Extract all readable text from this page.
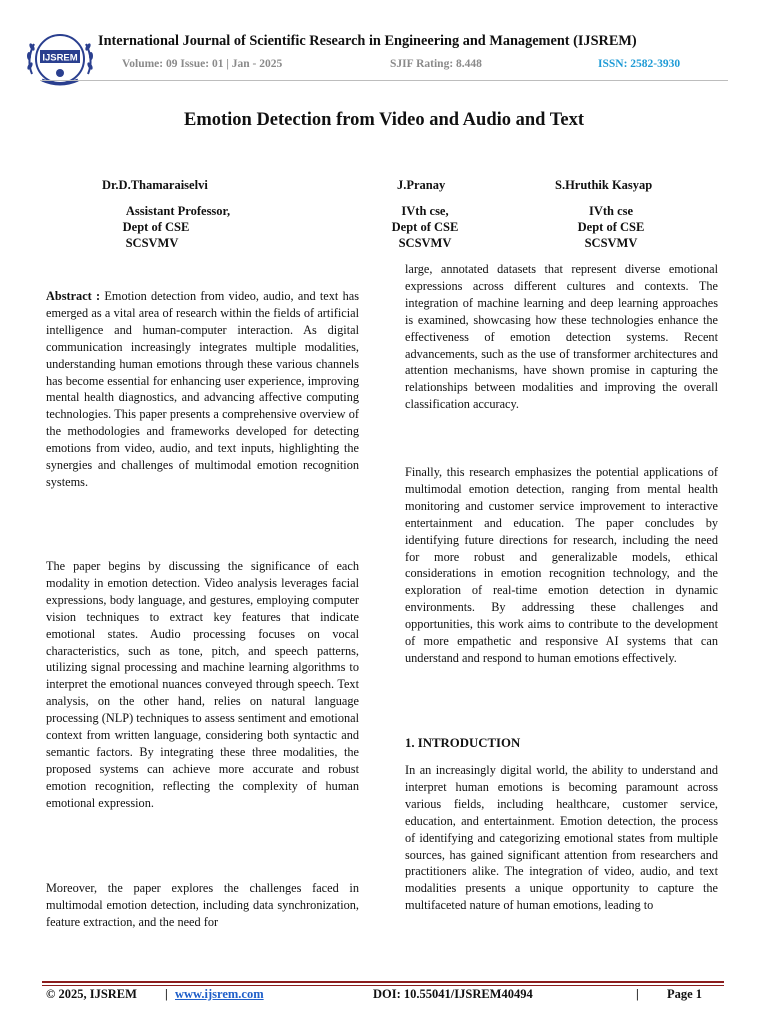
IJSREM
International Journal of Scientific Research in Engineering and Management (IJSREM)
Volume: 09 Issue: 01 | Jan - 2025	SJIF Rating: 8.448	ISSN: 2582-3930
Emotion Detection from Video and Audio and Text
Dr.D.Thamaraiselvi
Assistant Professor,
Dept of CSE
SCSVMV
J.Pranay
IVth cse,
Dept of CSE
SCSVMV
S.Hruthik Kasyap
IVth cse
Dept of CSE
SCSVMV

Abstract : Emotion detection from video, audio, and text has emerged as a vital area of research within the fields of artificial intelligence and human-computer interaction. As digital communication increasingly integrates multiple modalities, understanding human emotions through these various channels has become essential for enhancing user experience, improving mental health diagnostics, and advancing affective computing technologies. This paper presents a comprehensive overview of the methodologies and frameworks developed for detecting emotions from video, audio, and text inputs, highlighting the synergies and challenges of multimodal emotion recognition systems.

The paper begins by discussing the significance of each modality in emotion detection. Video analysis leverages facial expressions, body language, and gestures, employing computer vision techniques to extract key features that indicate emotional states. Audio processing focuses on vocal characteristics, such as tone, pitch, and speech patterns, utilizing signal processing and machine learning algorithms to interpret the emotional nuances conveyed through speech. Text analysis, on the other hand, relies on natural language processing (NLP) techniques to assess sentiment and emotional context from written language, considering both syntactic and semantic factors. By integrating these three modalities, the proposed systems can achieve more accurate and robust emotion recognition, reflecting the complexity of human emotional expression.

Moreover, the paper explores the challenges faced in multimodal emotion detection, including data synchronization, feature extraction, and the need for

large, annotated datasets that represent diverse emotional expressions across different cultures and contexts. The integration of machine learning and deep learning approaches is examined, showcasing how these technologies enhance the effectiveness of emotion detection systems. Recent advancements, such as the use of transformer architectures and attention mechanisms, have shown promise in capturing the relationships between modalities and improving the overall classification accuracy.

Finally, this research emphasizes the potential applications of multimodal emotion detection, ranging from mental health monitoring and customer service improvement to interactive entertainment and education. The paper concludes by identifying future directions for research, including the need for more robust and generalizable models, ethical considerations in emotion recognition technology, and the exploration of real-time emotion detection in dynamic environments. By addressing these challenges and opportunities, this work aims to contribute to the development of more empathetic and responsive AI systems that can understand and respond to human emotions effectively.

1. INTRODUCTION

In an increasingly digital world, the ability to understand and interpret human emotions is becoming paramount across various fields, including healthcare, customer service, education, and entertainment. Emotion detection, the process of identifying and categorizing emotional states from multiple sources, has gained significant attention from researchers and practitioners alike. The integration of video, audio, and text modalities presents a unique opportunity to capture the multifaceted nature of human emotions, leading to

© 2025, IJSREM | www.ijsrem.com	DOI: 10.55041/IJSREM40494	| Page 1
